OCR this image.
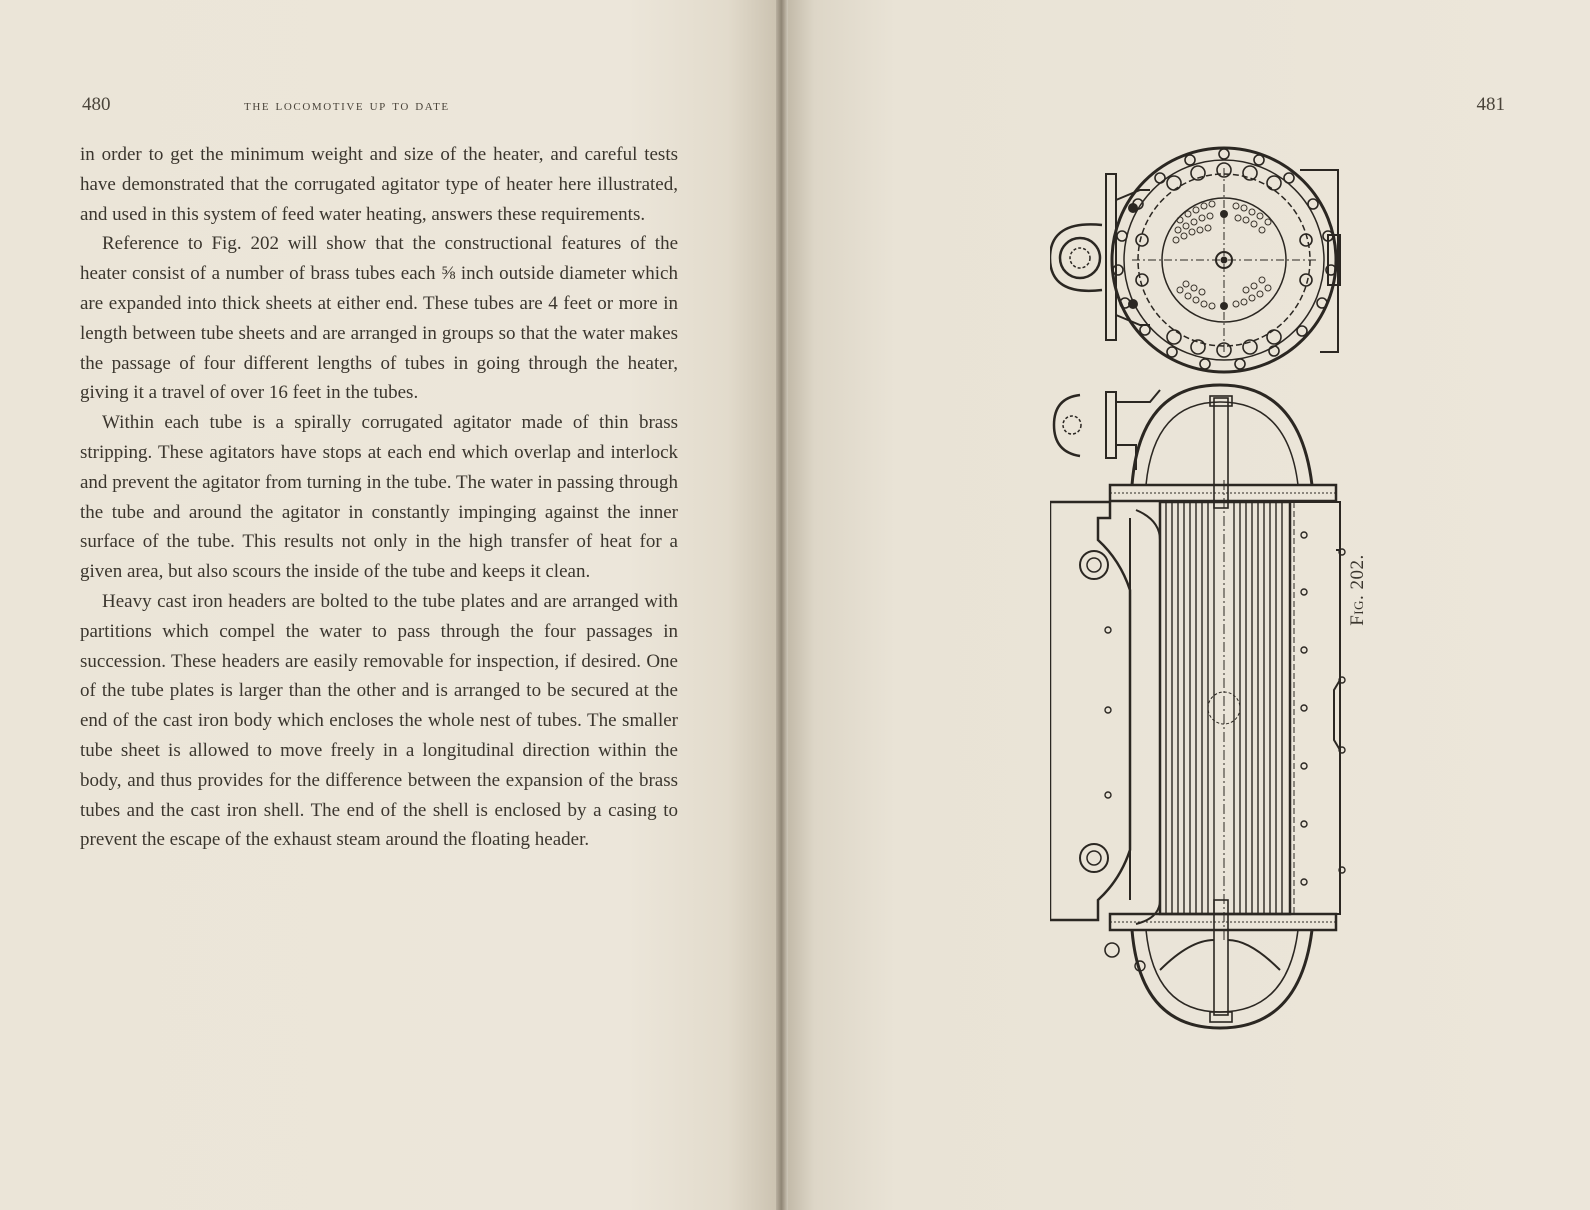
480	the locomotive up to date

in order to get the minimum weight and size of the heater, and careful tests have demonstrated that the corrugated agitator type of heater here illustrated, and used in this system of feed water heating, answers these requirements.

Reference to Fig. 202 will show that the constructional features of the heater consist of a number of brass tubes each ⅝ inch outside diameter which are expanded into thick sheets at either end. These tubes are 4 feet or more in length between tube sheets and are arranged in groups so that the water makes the passage of four different lengths of tubes in going through the heater, giving it a travel of over 16 feet in the tubes.

Within each tube is a spirally corrugated agitator made of thin brass stripping. These agitators have stops at each end which overlap and interlock and prevent the agitator from turning in the tube. The water in passing through the tube and around the agitator in constantly impinging against the inner surface of the tube. This results not only in the high transfer of heat for a given area, but also scours the inside of the tube and keeps it clean.

Heavy cast iron headers are bolted to the tube plates and are arranged with partitions which compel the water to pass through the four passages in succession. These headers are easily removable for inspection, if desired. One of the tube plates is larger than the other and is arranged to be secured at the end of the cast iron body which encloses the whole nest of tubes. The smaller tube sheet is allowed to move freely in a longitudinal direction within the body, and thus provides for the difference between the expansion of the brass tubes and the cast iron shell. The end of the shell is enclosed by a casing to prevent the escape of the exhaust steam around the floating header.

481
Fig. 202.
